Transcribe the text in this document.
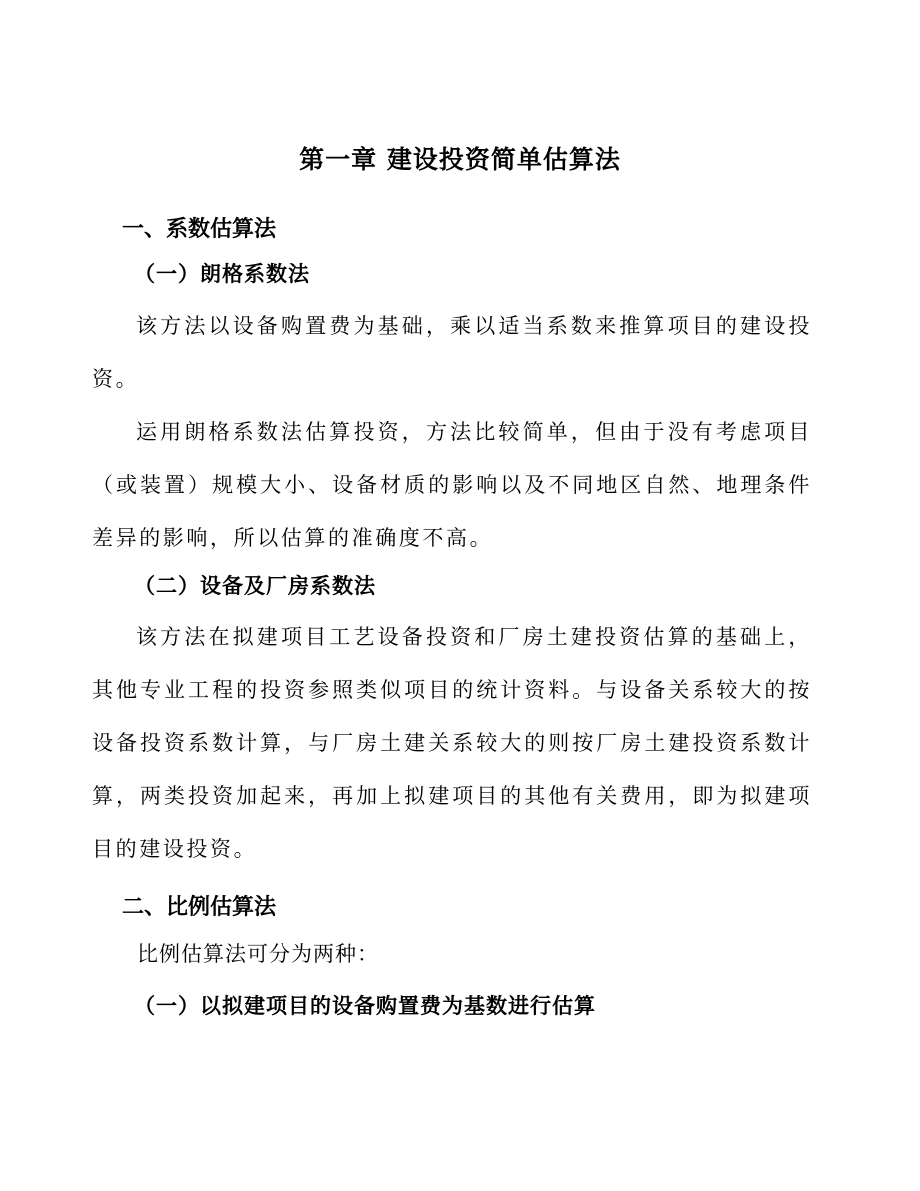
第一章 建设投资简单估算法
一、系数估算法
（一）朗格系数法

该方法以设备购置费为基础，乘以适当系数来推算项目的建设投资。

运用朗格系数法估算投资，方法比较简单，但由于没有考虑项目（或装置）规模大小、设备材质的影响以及不同地区自然、地理条件差异的影响，所以估算的准确度不高。

（二）设备及厂房系数法

该方法在拟建项目工艺设备投资和厂房土建投资估算的基础上，其他专业工程的投资参照类似项目的统计资料。与设备关系较大的按设备投资系数计算，与厂房土建关系较大的则按厂房土建投资系数计算，两类投资加起来，再加上拟建项目的其他有关费用，即为拟建项目的建设投资。

二、比例估算法

比例估算法可分为两种：

（一）以拟建项目的设备购置费为基数进行估算
